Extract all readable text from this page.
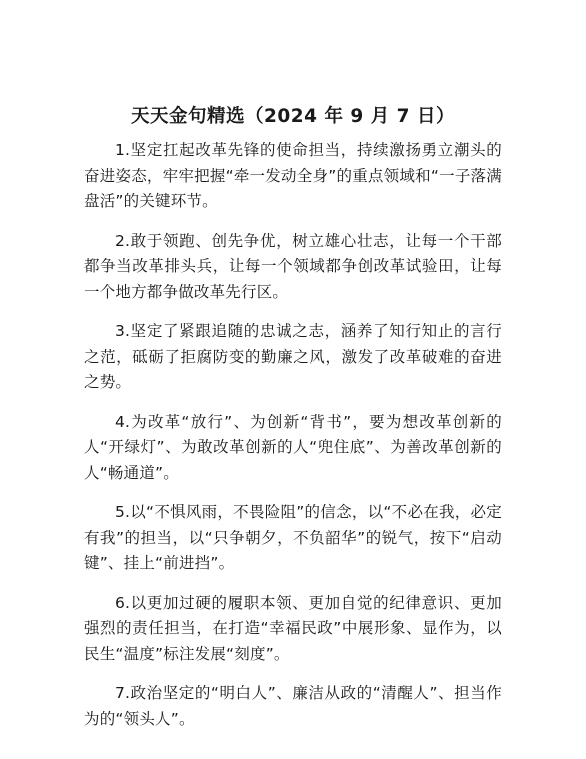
天天金句精选（2024 年 9 月 7 日）

1.坚定扛起改革先锋的使命担当，持续激扬勇立潮头的奋进姿态，牢牢把握“牵一发动全身”的重点领域和“一子落满盘活”的关键环节。

2.敢于领跑、创先争优，树立雄心壮志，让每一个干部都争当改革排头兵，让每一个领域都争创改革试验田，让每一个地方都争做改革先行区。

3.坚定了紧跟追随的忠诚之志，涵养了知行知止的言行之范，砥砺了拒腐防变的勤廉之风，激发了改革破难的奋进之势。

4.为改革“放行”、为创新“背书”，要为想改革创新的人“开绿灯”、为敢改革创新的人“兜住底”、为善改革创新的人“畅通道”。

5.以“不惧风雨，不畏险阻”的信念，以“不必在我，必定有我”的担当，以“只争朝夕，不负韶华”的锐气，按下“启动键”、挂上“前进挡”。

6.以更加过硬的履职本领、更加自觉的纪律意识、更加强烈的责任担当，在打造“幸福民政”中展形象、显作为，以民生“温度”标注发展“刻度”。

7.政治坚定的“明白人”、廉洁从政的“清醒人”、担当作为的“领头人”。
